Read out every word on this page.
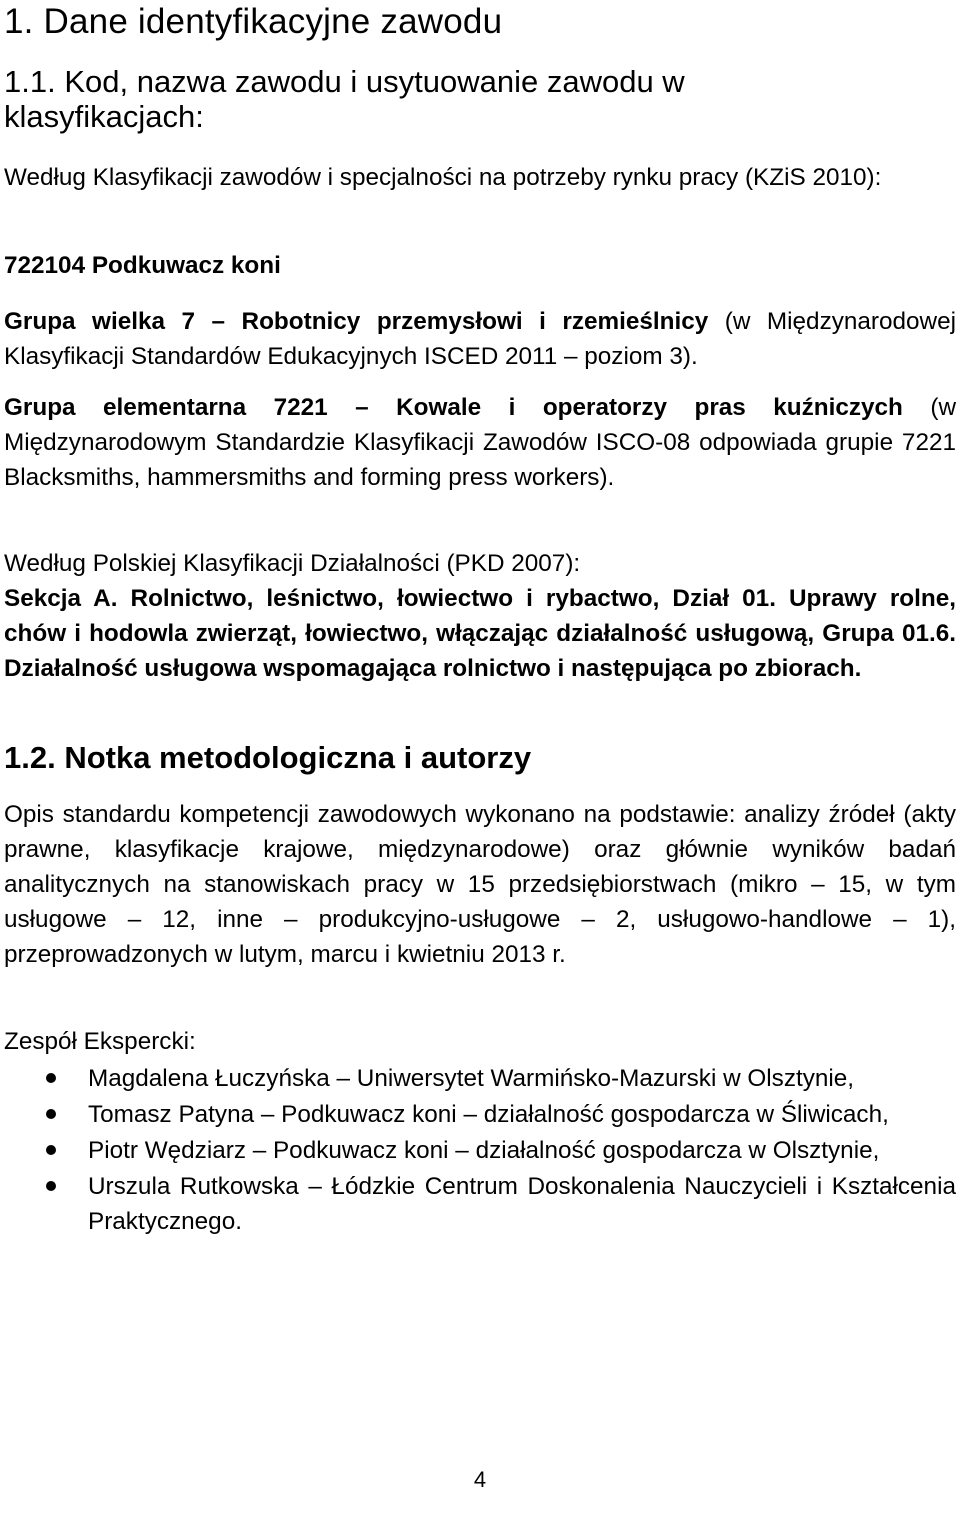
1. Dane identyfikacyjne zawodu
1.1. Kod, nazwa zawodu i usytuowanie zawodu w klasyfikacjach:

Według Klasyfikacji zawodów i specjalności na potrzeby rynku pracy (KZiS 2010):

722104 Podkuwacz koni

Grupa wielka 7 – Robotnicy przemysłowi i rzemieślnicy (w Międzynarodowej Klasyfikacji Standardów Edukacyjnych ISCED 2011 – poziom 3).

Grupa elementarna 7221 – Kowale i operatorzy pras kuźniczych (w Międzynarodowym Standardzie Klasyfikacji Zawodów ISCO-08 odpowiada grupie 7221 Blacksmiths, hammersmiths and forming press workers).

Według Polskiej Klasyfikacji Działalności (PKD 2007):

Sekcja A. Rolnictwo, leśnictwo, łowiectwo i rybactwo, Dział 01. Uprawy rolne, chów i hodowla zwierząt, łowiectwo, włączając działalność usługową, Grupa 01.6. Działalność usługowa wspomagająca rolnictwo i następująca po zbiorach.

1.2. Notka metodologiczna i autorzy

Opis standardu kompetencji zawodowych wykonano na podstawie: analizy źródeł (akty prawne, klasyfikacje krajowe, międzynarodowe) oraz głównie wyników badań analitycznych na stanowiskach pracy w 15 przedsiębiorstwach (mikro – 15, w tym usługowe – 12, inne – produkcyjno-usługowe – 2, usługowo-handlowe – 1), przeprowadzonych w lutym, marcu i kwietniu 2013 r.

Zespół Ekspercki:

Magdalena Łuczyńska – Uniwersytet Warmińsko-Mazurski w Olsztynie,
Tomasz Patyna – Podkuwacz koni – działalność gospodarcza w Śliwicach,
Piotr Wędziarz – Podkuwacz koni – działalność gospodarcza w Olsztynie,
Urszula Rutkowska – Łódzkie Centrum Doskonalenia Nauczycieli i Kształcenia Praktycznego.
4
